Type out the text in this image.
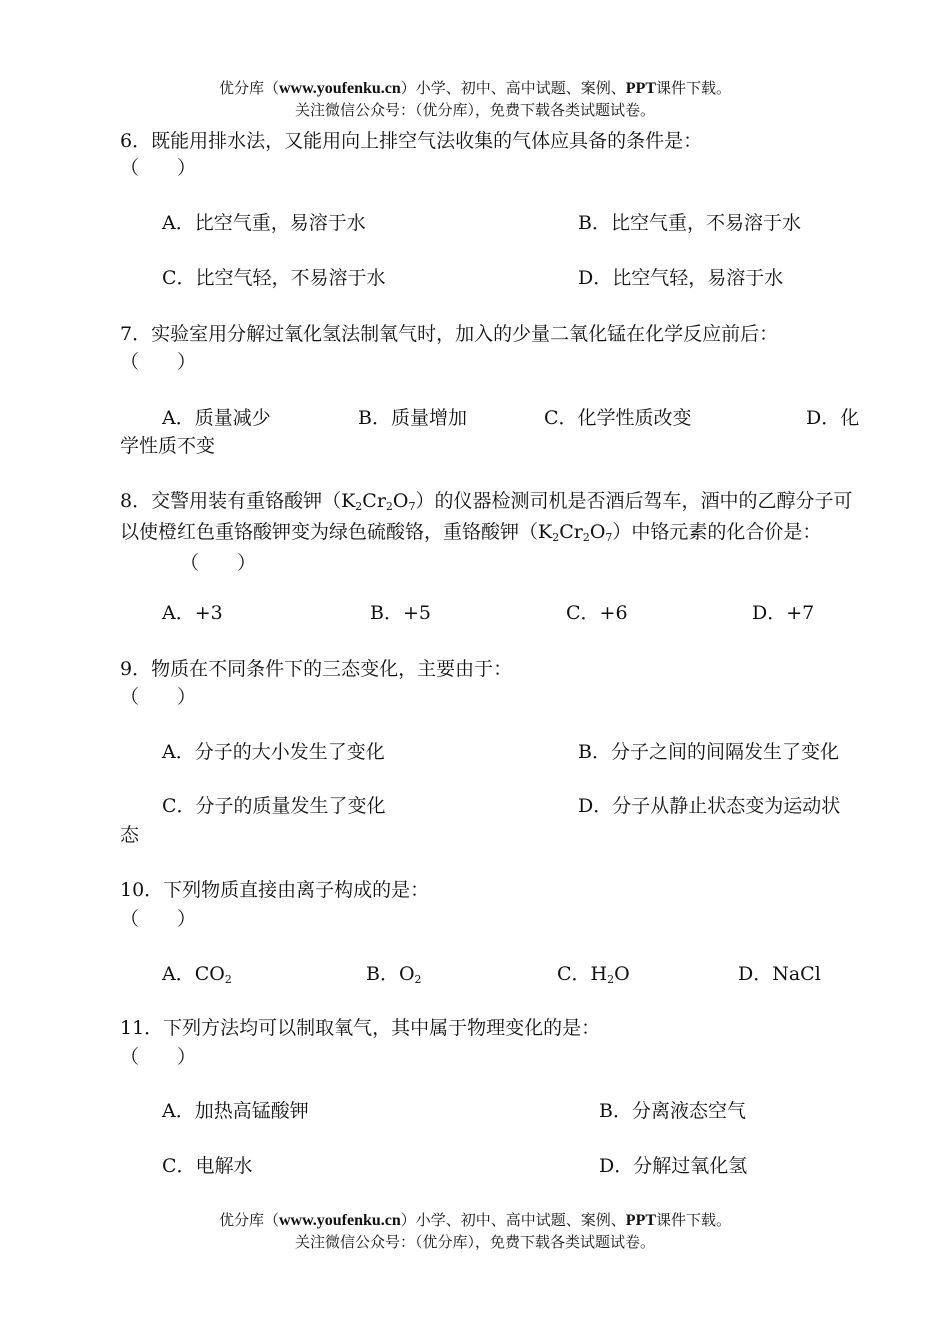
优分库（www.youfenku.cn）小学、初中、高中试题、案例、PPT课件下载。
关注微信公众号：（优分库），免费下载各类试题试卷。
6．既能用排水法，又能用向上排空气法收集的气体应具备的条件是：
（　　）
A．比空气重，易溶于水	B．比空气重，不易溶于水
C．比空气轻，不易溶于水	D．比空气轻，易溶于水
7．实验室用分解过氧化氢法制氧气时，加入的少量二氧化锰在化学反应前后：
（　　）
A．质量减少	B．质量增加	C．化学性质改变	D．化
学性质不变
8．交警用装有重铬酸钾$(K_2Cr_2O_7)$的仪器检测司机是否酒后驾车，酒中的乙醇分子可以使橙红色重铬酸钾变为绿色硫酸铬，重铬酸钾$(K_2Cr_2O_7)$中铬元素的化合价是：（　　）
A．+3	B．+5	C．+6	D．+7
9．物质在不同条件下的三态变化，主要由于：
（　　）
A．分子的大小发生了变化	B．分子之间的间隔发生了变化
C．分子的质量发生了变化	D．分子从静止状态变为运动状
态
10．下列物质直接由离子构成的是：
（　　）
A．$CO_2$	B．$O_2$	C．$H_2O$	D．NaCl
11．下列方法均可以制取氧气，其中属于物理变化的是：
（　　）
A．加热高锰酸钾	B．分离液态空气
C．电解水	D．分解过氧化氢
优分库（www.youfenku.cn）小学、初中、高中试题、案例、PPT课件下载。
关注微信公众号：（优分库），免费下载各类试题试卷。
